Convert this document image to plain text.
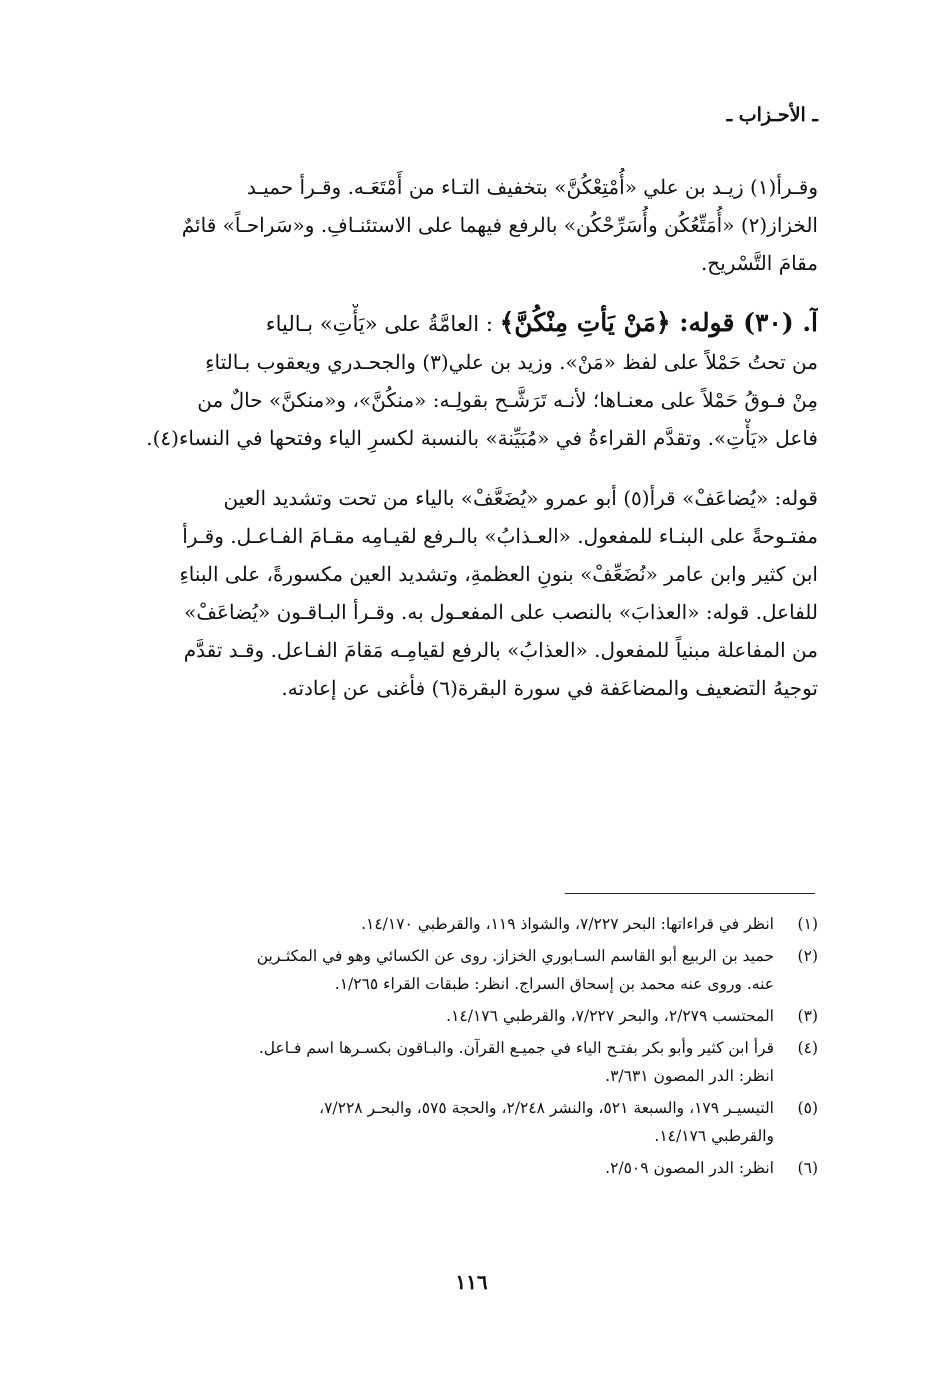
ـ الأحـزاب ـ

وقـرأ(١) زيـد بن علي «أُمْتِعْكُنَّ» بتخفيف التـاء من أَمْتَعَـه. وقـرأ حميـد
الخزاز(٢) «أُمَتِّعُكُن وأُسَرِّحْكُن» بالرفع فيهما على الاستئنـافِ. و«سَراحـاً» قائمٌ
مقامَ التَّسْريح.

آ. (٣٠) قوله: ﴿مَنْ يَأْتِ مِنْكُنَّ﴾ : العامَّةُ على «يَأْتِ» بـالياء
من تحتُ حَمْلاً على لفظ «مَنْ». وزيد بن علي(٣) والجحـدري ويعقوب بـالتاءِ
مِنْ فـوقُ حَمْلاً على معنـاها؛ لأنـه تَرَشَّـح بقولِـه: «منكُنَّ»، و«منكنَّ» حالٌ من
فاعل «يَأْتِ». وتقدَّم القراءةُ في «مُبَيِّنة» بالنسبة لكسرِ الياء وفتحها في النساء(٤).

قوله: «يُضاعَفْ» قرأ(٥) أبو عمرو «يُضَعَّفْ» بالياء من تحت وتشديد العين
مفتـوحةً على البنـاء للمفعول. «العـذابُ» بالـرفع لقيـامِه مقـامَ الفـاعـل. وقـرأ
ابن كثير وابن عامر «نُضَعِّفْ» بنونِ العظمةِ، وتشديد العين مكسورةً، على البناءِ
للفاعل. قوله: «العذابَ» بالنصب على المفعـول به. وقـرأ البـاقـون «يُضاعَفْ»
من المفاعلة مبنياً للمفعول. «العذابُ» بالرفع لقيامِـه مَقامَ الفـاعل. وقـد تقدَّم
توجيهُ التضعيف والمضاعَفة في سورة البقرة(٦) فأغنى عن إعادته.

(١)
انظر في قراءاتها: البحر ٧/٢٢٧، والشواذ ١١٩، والقرطبي ١٤/١٧٠.
(٢)
حميد بن الربيع أبو القاسم السـابوري الخزاز. روى عن الكسائي وهو في المكثـرين
عنه. وروى عنه محمد بن إسحاق السراج. انظر: طبقات القراء ١/٢٦٥.
(٣)
المحتسب ٢/٢٧٩، والبحر ٧/٢٢٧، والقرطبي ١٤/١٧٦.
(٤)
قرأ ابن كثير وأبو بكر بفتـح الياء في جميـع القرآن. والبـاقون بكسـرها اسم فـاعل.
انظر: الدر المصون ٣/٦٣١.
(٥)
التيسيـر ١٧٩، والسبعة ٥٢١، والنشر ٢/٢٤٨، والحجة ٥٧٥، والبحـر ٧/٢٢٨،
والقرطبي ١٤/١٧٦.
(٦)
انظر: الدر المصون ٢/٥٠٩.
١١٦
